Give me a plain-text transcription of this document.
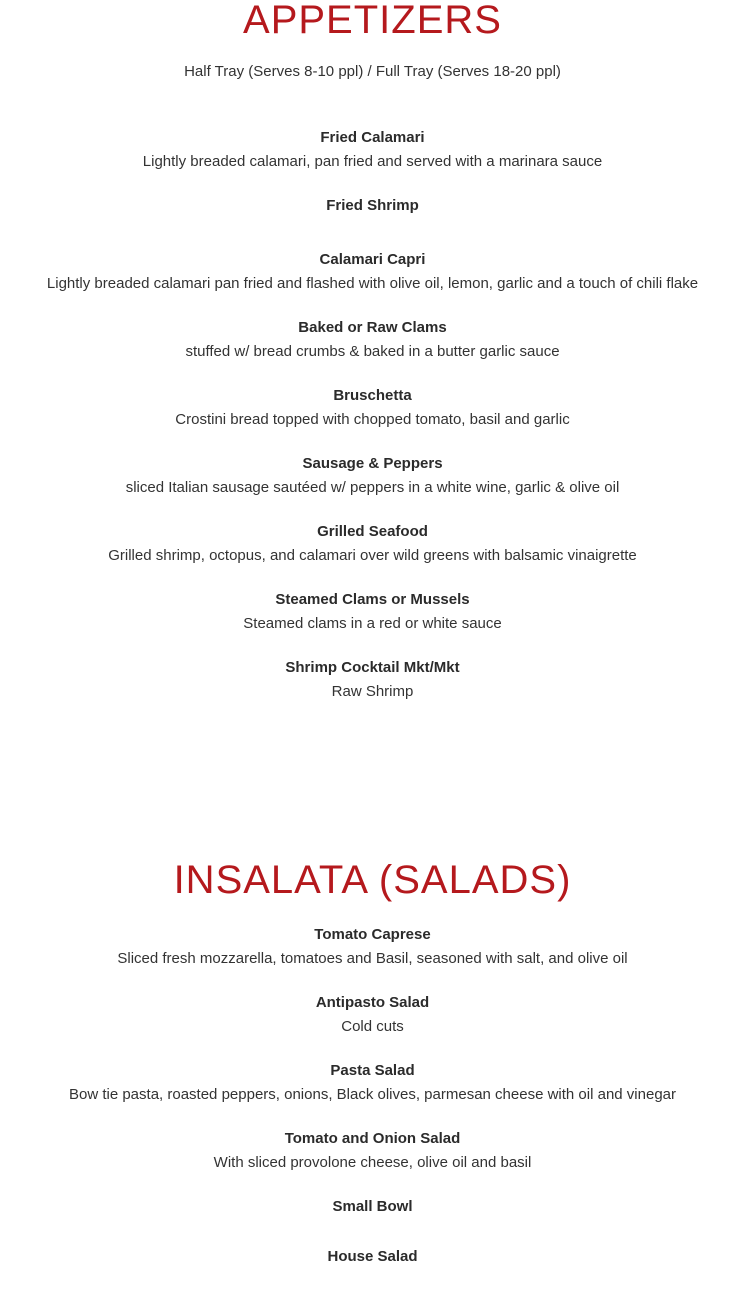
APPETIZERS
Half Tray (Serves 8-10 ppl) / Full Tray (Serves 18-20 ppl)
Fried Calamari
Lightly breaded calamari, pan fried and served with a marinara sauce
Fried Shrimp
Calamari Capri
Lightly breaded calamari pan fried and flashed with olive oil, lemon, garlic and a touch of chili flake
Baked or Raw Clams
stuffed w/ bread crumbs & baked in a butter garlic sauce
Bruschetta
Crostini bread topped with chopped tomato, basil and garlic
Sausage & Peppers
sliced Italian sausage sautéed w/ peppers in a white wine, garlic & olive oil
Grilled Seafood
Grilled shrimp, octopus, and calamari over wild greens with balsamic vinaigrette
Steamed Clams or Mussels
Steamed clams in a red or white sauce
Shrimp Cocktail Mkt/Mkt
Raw Shrimp
INSALATA (SALADS)
Tomato Caprese
Sliced fresh mozzarella, tomatoes and Basil, seasoned with salt, and olive oil
Antipasto Salad
Cold cuts
Pasta Salad
Bow tie pasta, roasted peppers, onions, Black olives, parmesan cheese with oil and vinegar
Tomato and Onion Salad
With sliced provolone cheese, olive oil and basil
Small Bowl
House Salad
